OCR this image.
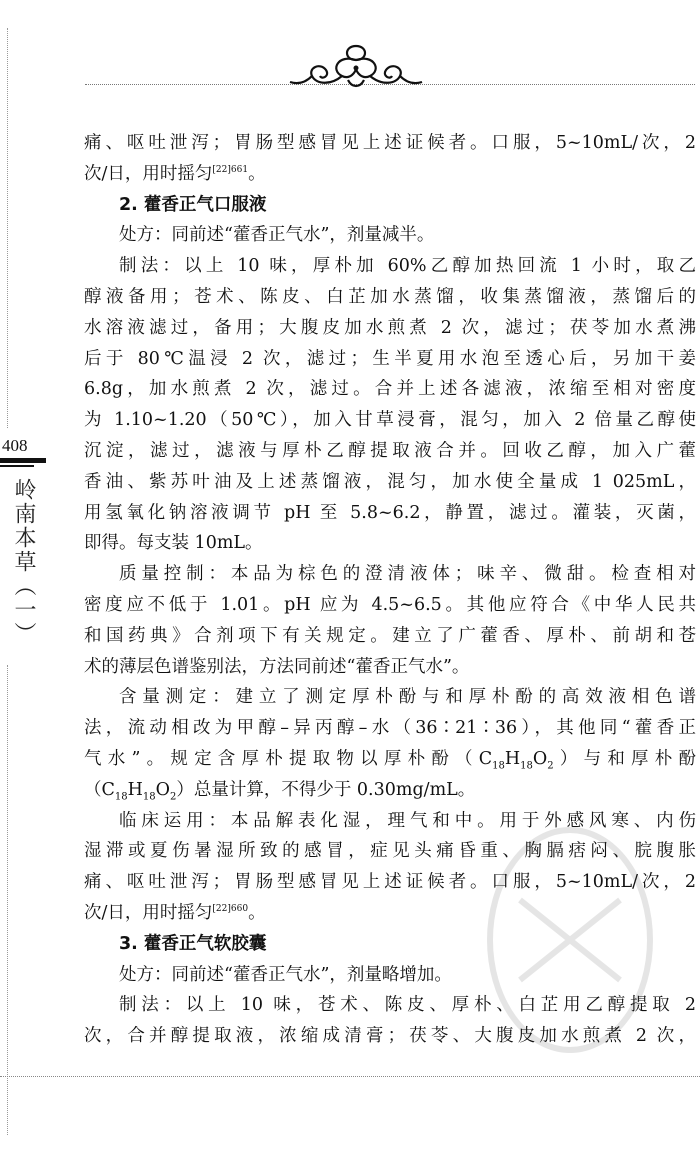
408
岭南本草（一）

痛、呕吐泄泻；胃肠型感冒见上述证候者。口服，5~10mL/次，2

次/日，用时摇匀$^{[22]661}$。

2. 藿香正气口服液

处方：同前述“藿香正气水”，剂量减半。

制法：以上 10 味，厚朴加 60%乙醇加热回流 1 小时，取乙

醇液备用；苍术、陈皮、白芷加水蒸馏，收集蒸馏液，蒸馏后的

水溶液滤过，备用；大腹皮加水煎煮 2 次，滤过；茯苓加水煮沸

后于 80℃温浸 2 次，滤过；生半夏用水泡至透心后，另加干姜

6.8g，加水煎煮 2 次，滤过。合并上述各滤液，浓缩至相对密度

为 1.10~1.20（50℃），加入甘草浸膏，混匀，加入 2 倍量乙醇使

沉淀，滤过，滤液与厚朴乙醇提取液合并。回收乙醇，加入广藿

香油、紫苏叶油及上述蒸馏液，混匀，加水使全量成 1 025mL，

用氢氧化钠溶液调节 pH 至 5.8~6.2，静置，滤过。灌装，灭菌，

即得。每支装 10mL。

质量控制：本品为棕色的澄清液体；味辛、微甜。检查相对

密度应不低于 1.01。pH 应为 4.5~6.5。其他应符合《中华人民共

和国药典》合剂项下有关规定。建立了广藿香、厚朴、前胡和苍

术的薄层色谱鉴别法，方法同前述“藿香正气水”。

含量测定：建立了测定厚朴酚与和厚朴酚的高效液相色谱

法，流动相改为甲醇–异丙醇–水（36∶21∶36），其他同“藿香正

气水”。规定含厚朴提取物以厚朴酚$(C_{18}H_{18}O_2)$与和厚朴酚

$(C_{18}H_{18}O_2)$总量计算，不得少于 0.30mg/mL。

临床运用：本品解表化湿，理气和中。用于外感风寒、内伤

湿滞或夏伤暑湿所致的感冒，症见头痛昏重、胸膈痞闷、脘腹胀

痛、呕吐泄泻；胃肠型感冒见上述证候者。口服，5~10mL/次，2

次/日，用时摇匀$^{[22]660}$。

3. 藿香正气软胶囊

处方：同前述“藿香正气水”，剂量略增加。

制法：以上 10 味，苍术、陈皮、厚朴、白芷用乙醇提取 2

次，合并醇提取液，浓缩成清膏；茯苓、大腹皮加水煎煮 2 次，
